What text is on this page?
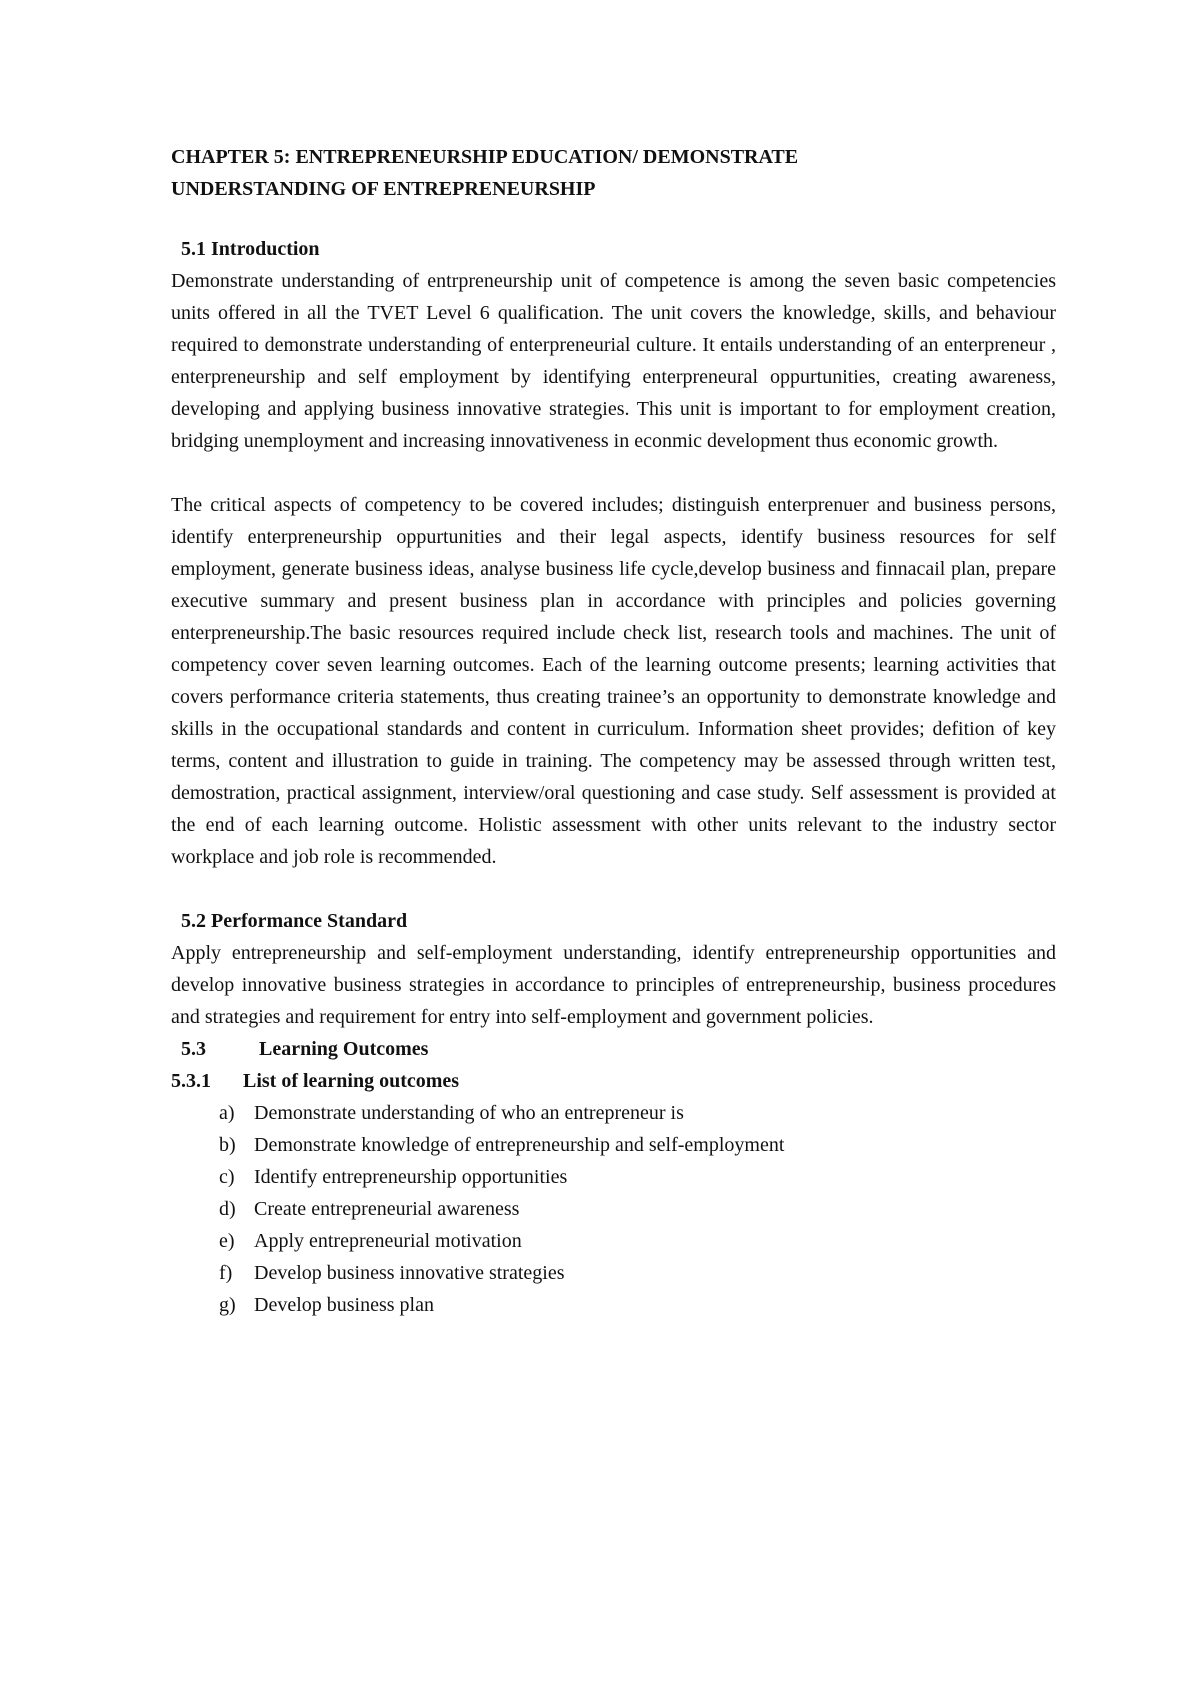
CHAPTER 5: ENTREPRENEURSHIP EDUCATION/ DEMONSTRATE
UNDERSTANDING OF ENTREPRENEURSHIP
5.1 Introduction

Demonstrate understanding of entrpreneurship unit of competence is among the seven basic competencies units offered in all the TVET Level 6 qualification. The unit covers the knowledge, skills, and behaviour required to demonstrate understanding of enterpreneurial culture. It entails understanding of an enterpreneur , enterpreneurship and self employment by identifying enterpreneural oppurtunities, creating awareness, developing and applying business innovative strategies. This unit is important to for employment creation, bridging unemployment and increasing innovativeness in econmic development thus economic growth.

The critical aspects of competency to be covered includes; distinguish enterprenuer and business persons, identify enterpreneurship oppurtunities and their legal aspects, identify business resources for self employment, generate business ideas, analyse business life cycle,develop business and finnacail plan, prepare executive summary and present business plan in accordance with principles and policies governing enterpreneurship.The basic resources required include check list, research tools and machines. The unit of competency cover seven learning outcomes. Each of the learning outcome presents; learning activities that covers performance criteria statements, thus creating trainee’s an opportunity to demonstrate knowledge and skills in the occupational standards and content in curriculum. Information sheet provides; defition of key terms, content and illustration to guide in training. The competency may be assessed through written test, demostration, practical assignment, interview/oral questioning and case study. Self assessment is provided at the end of each learning outcome. Holistic assessment with other units relevant to the industry sector workplace and job role is recommended.

5.2 Performance Standard

Apply entrepreneurship and self-employment understanding, identify entrepreneurship opportunities and develop innovative business strategies in accordance to principles of entrepreneurship, business procedures and strategies and requirement for entry into self-employment and government policies.

5.3	Learning Outcomes
5.3.1	List of learning outcomes
a) Demonstrate understanding of who an entrepreneur is
b) Demonstrate knowledge of entrepreneurship and self-employment
c) Identify entrepreneurship opportunities
d) Create entrepreneurial awareness
e) Apply entrepreneurial motivation
f)	Develop business innovative strategies
g) Develop business plan
